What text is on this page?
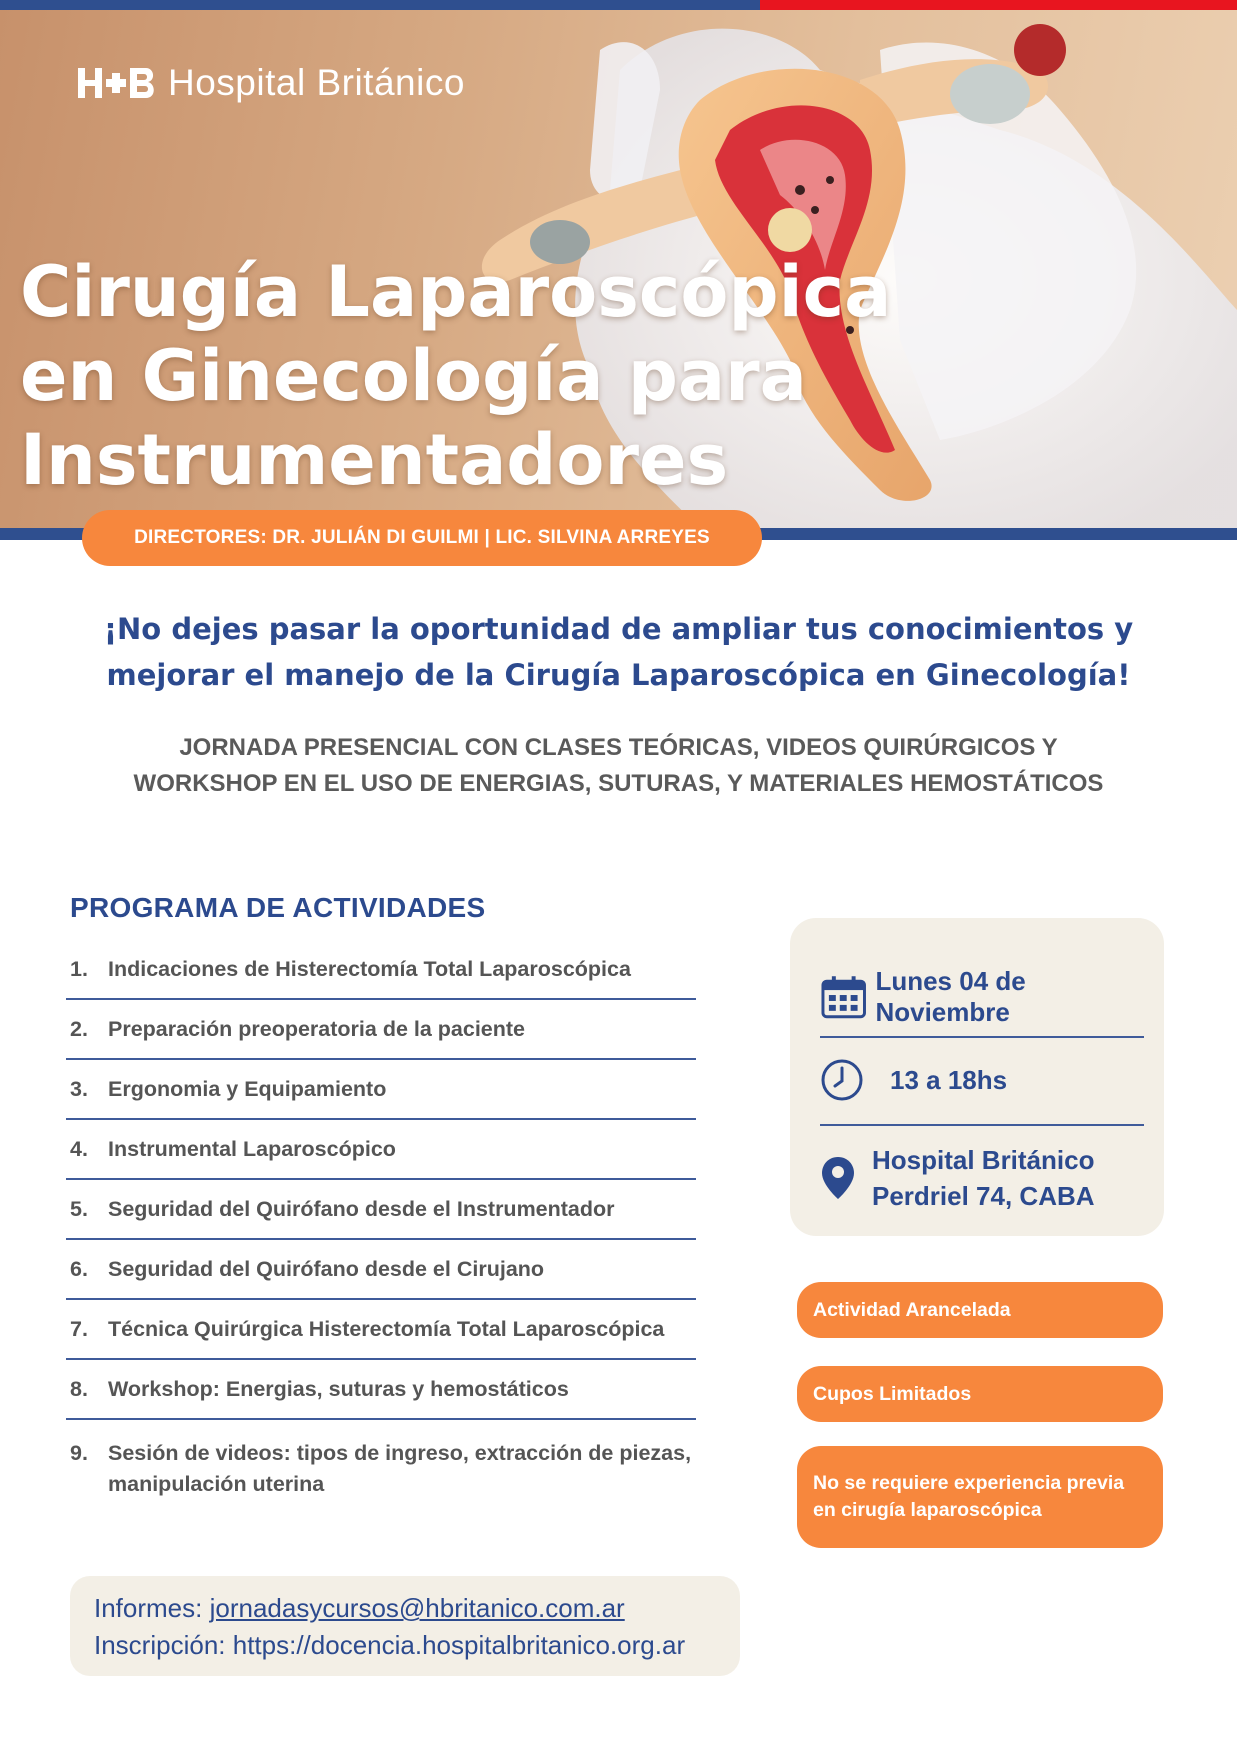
Hospital Británico
Cirugía Laparoscópica
en Ginecología para
Instrumentadores
DIRECTORES: DR. JULIÁN DI GUILMI | LIC. SILVINA ARREYES
¡No dejes pasar la oportunidad de ampliar tus conocimientos y
mejorar el manejo de la Cirugía Laparoscópica en Ginecología!
JORNADA PRESENCIAL CON CLASES TEÓRICAS, VIDEOS QUIRÚRGICOS Y
WORKSHOP EN EL USO DE ENERGIAS, SUTURAS, Y MATERIALES HEMOSTÁTICOS
PROGRAMA DE ACTIVIDADES
1. Indicaciones de Histerectomía Total Laparoscópica
2. Preparación preoperatoria de la paciente
3. Ergonomia y Equipamiento
4. Instrumental Laparoscópico
5. Seguridad del Quirófano desde el Instrumentador
6. Seguridad del Quirófano desde el Cirujano
7. Técnica Quirúrgica Histerectomía Total Laparoscópica
8. Workshop: Energias, suturas y hemostáticos
9. Sesión de videos: tipos de ingreso, extracción de piezas, manipulación uterina
Lunes 04 de Noviembre
13 a 18hs
Hospital Británico
Perdriel 74, CABA
Actividad Arancelada
Cupos Limitados
No se requiere experiencia previa
en cirugía laparoscópica
Informes: jornadasycursos@hbritanico.com.ar
Inscripción: https://docencia.hospitalbritanico.org.ar
